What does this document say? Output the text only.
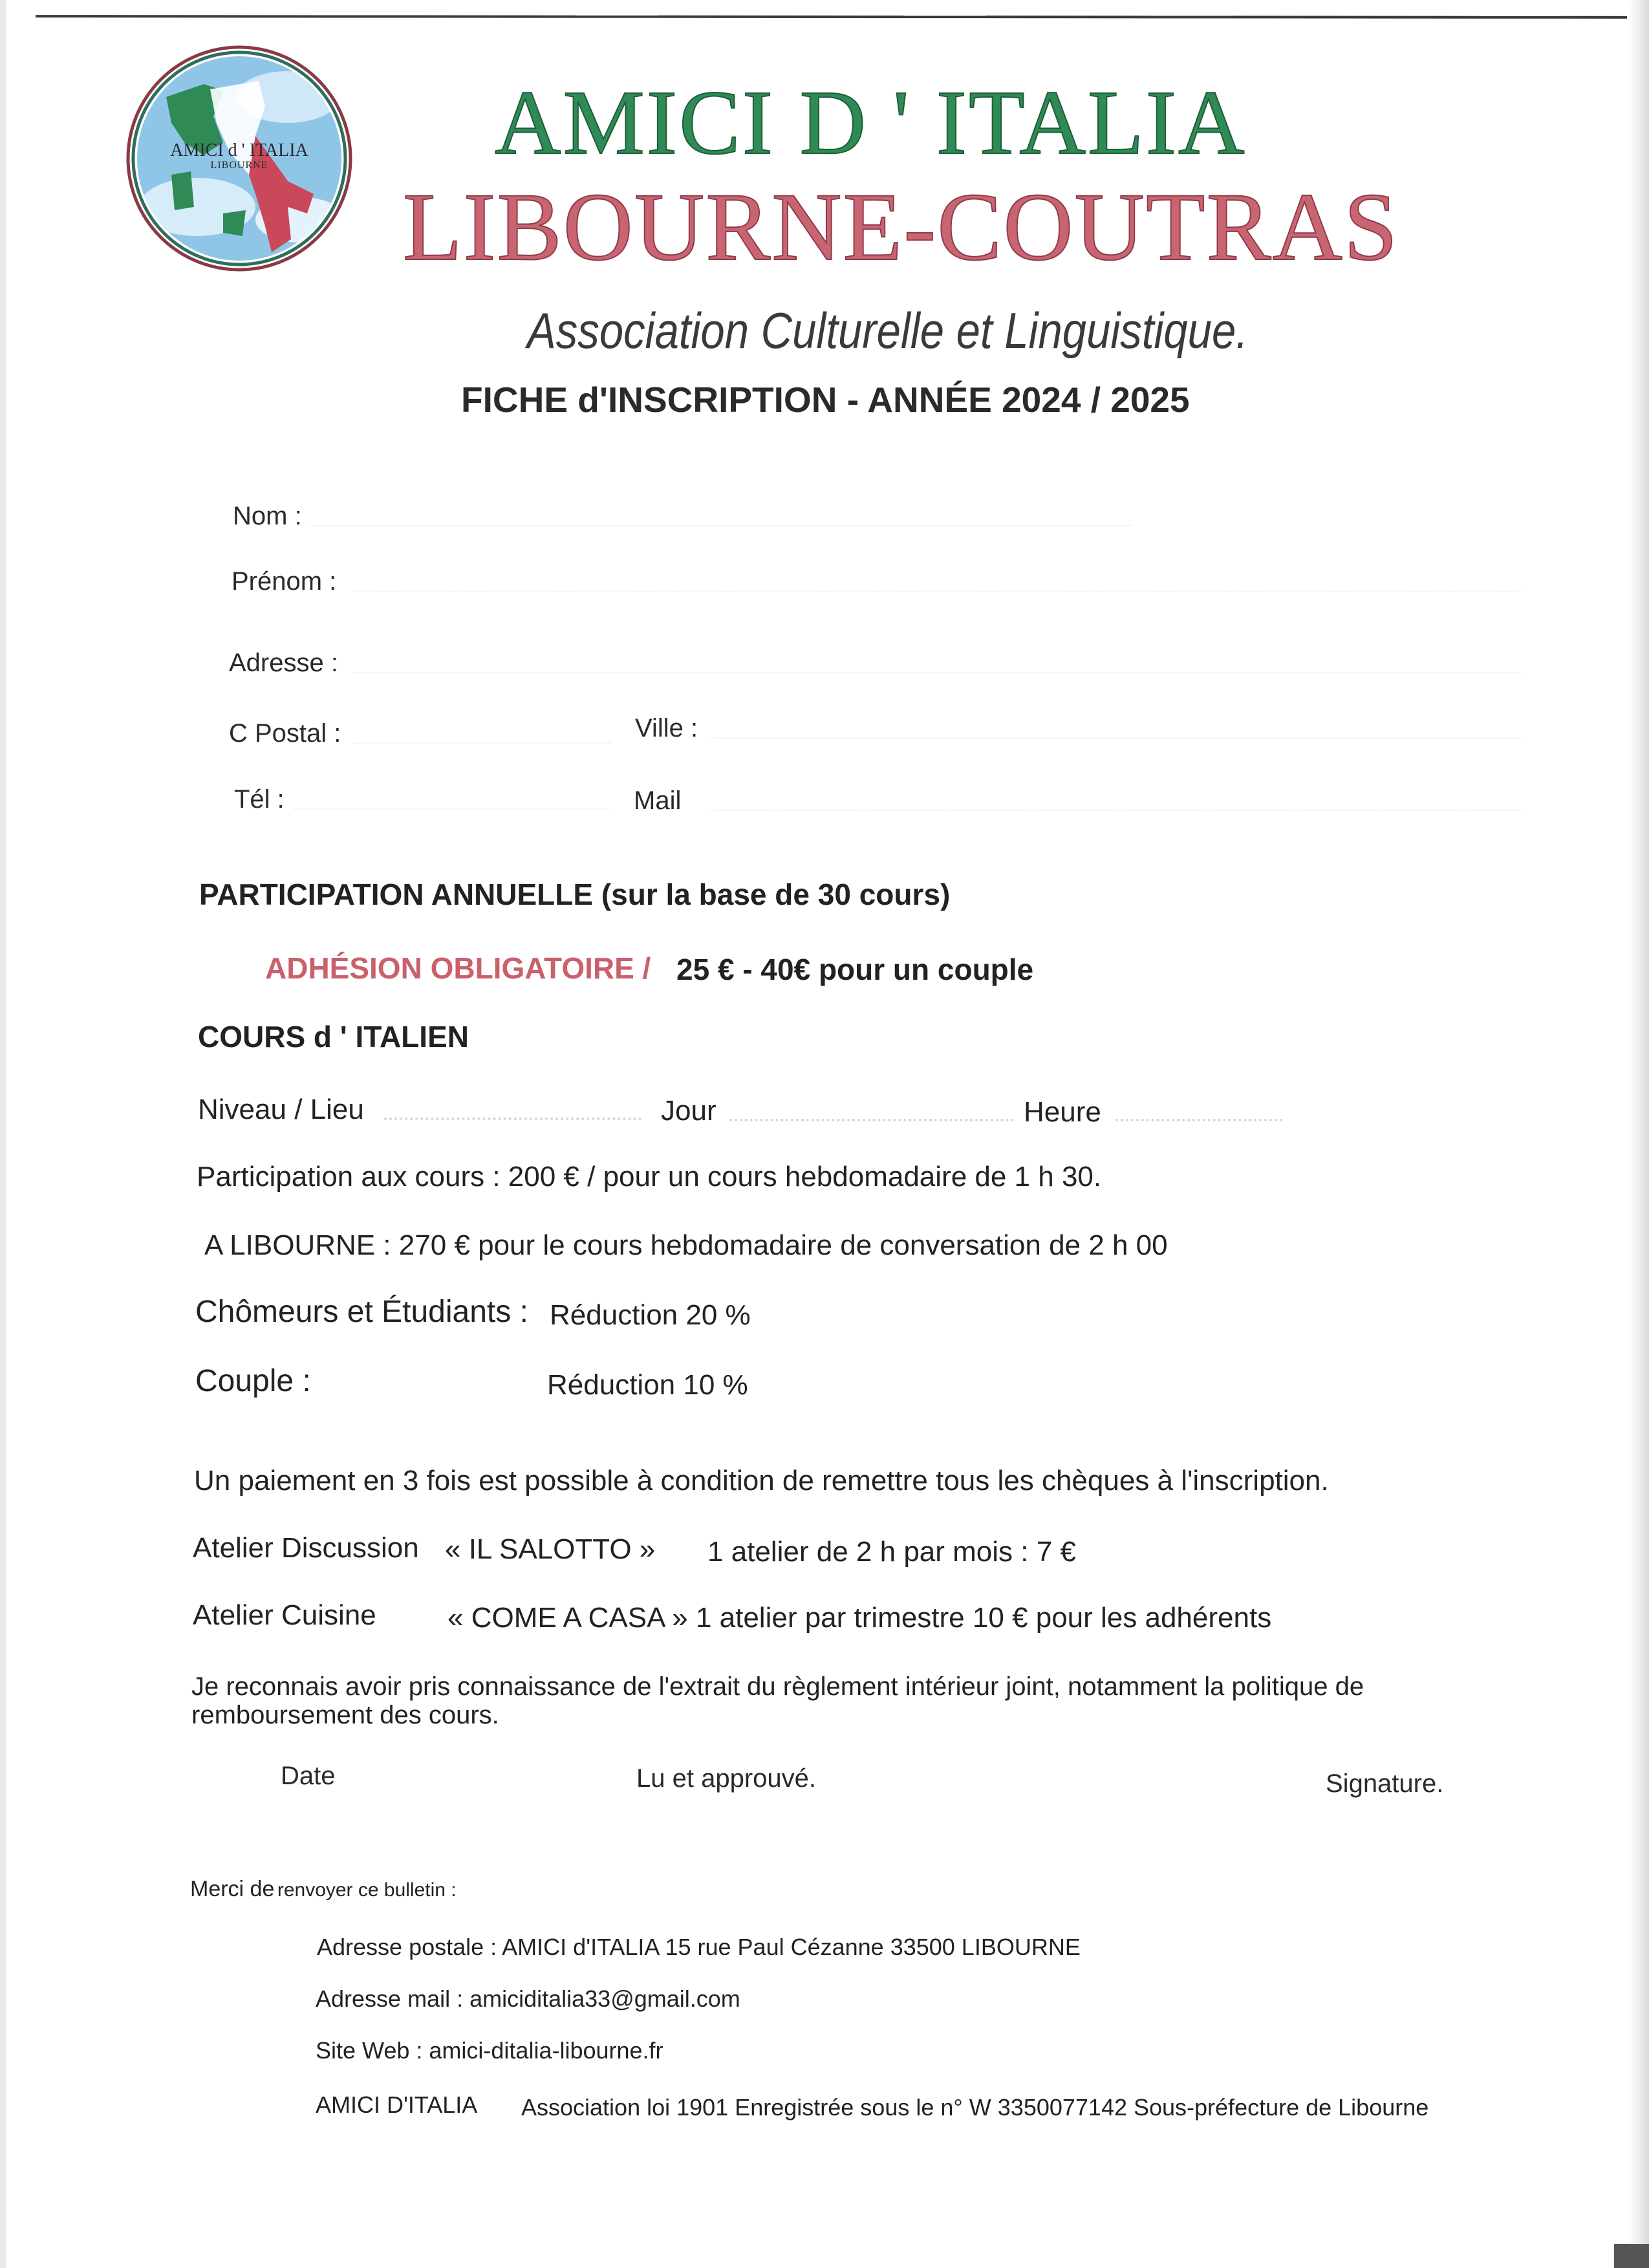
AMICI d ' ITALIA
LIBOURNE	AMICI D ' ITALIA
LIBOURNE-COUTRAS
Association Culturelle et Linguistique.
FICHE d'INSCRIPTION - ANNÉE 2024 / 2025
Nom :
Prénom :
Adresse :
C Postal :	Ville :
Tél :	Mail
PARTICIPATION ANNUELLE (sur la base de 30 cours)
ADHÉSION OBLIGATOIRE / 25 € - 40€ pour un couple
COURS d ' ITALIEN
Niveau / Lieu	Jour	Heure
Participation aux cours : 200 € / pour un cours hebdomadaire de 1 h 30.
A LIBOURNE : 270 € pour le cours hebdomadaire de conversation de 2 h 00
Chômeurs et Étudiants : Réduction 20 %
Couple :	Réduction 10 %
Un paiement en 3 fois est possible à condition de remettre tous les chèques à l'inscription.
Atelier Discussion « IL SALOTTO » 1 atelier de 2 h par mois : 7 €
Atelier Cuisine	« COME A CASA » 1 atelier par trimestre 10 € pour les adhérents
Je reconnais avoir pris connaissance de l'extrait du règlement intérieur joint, notamment la politique de
remboursement des cours.
Date	Lu et approuvé.	Signature.
Merci de renvoyer ce bulletin :
Adresse postale : AMICI d'ITALIA 15 rue Paul Cézanne 33500 LIBOURNE
Adresse mail : amiciditalia33@gmail.com
Site Web : amici-ditalia-libourne.fr
AMICI D'ITALIA Association loi 1901 Enregistrée sous le n° W 3350077142 Sous-préfecture de Libourne
